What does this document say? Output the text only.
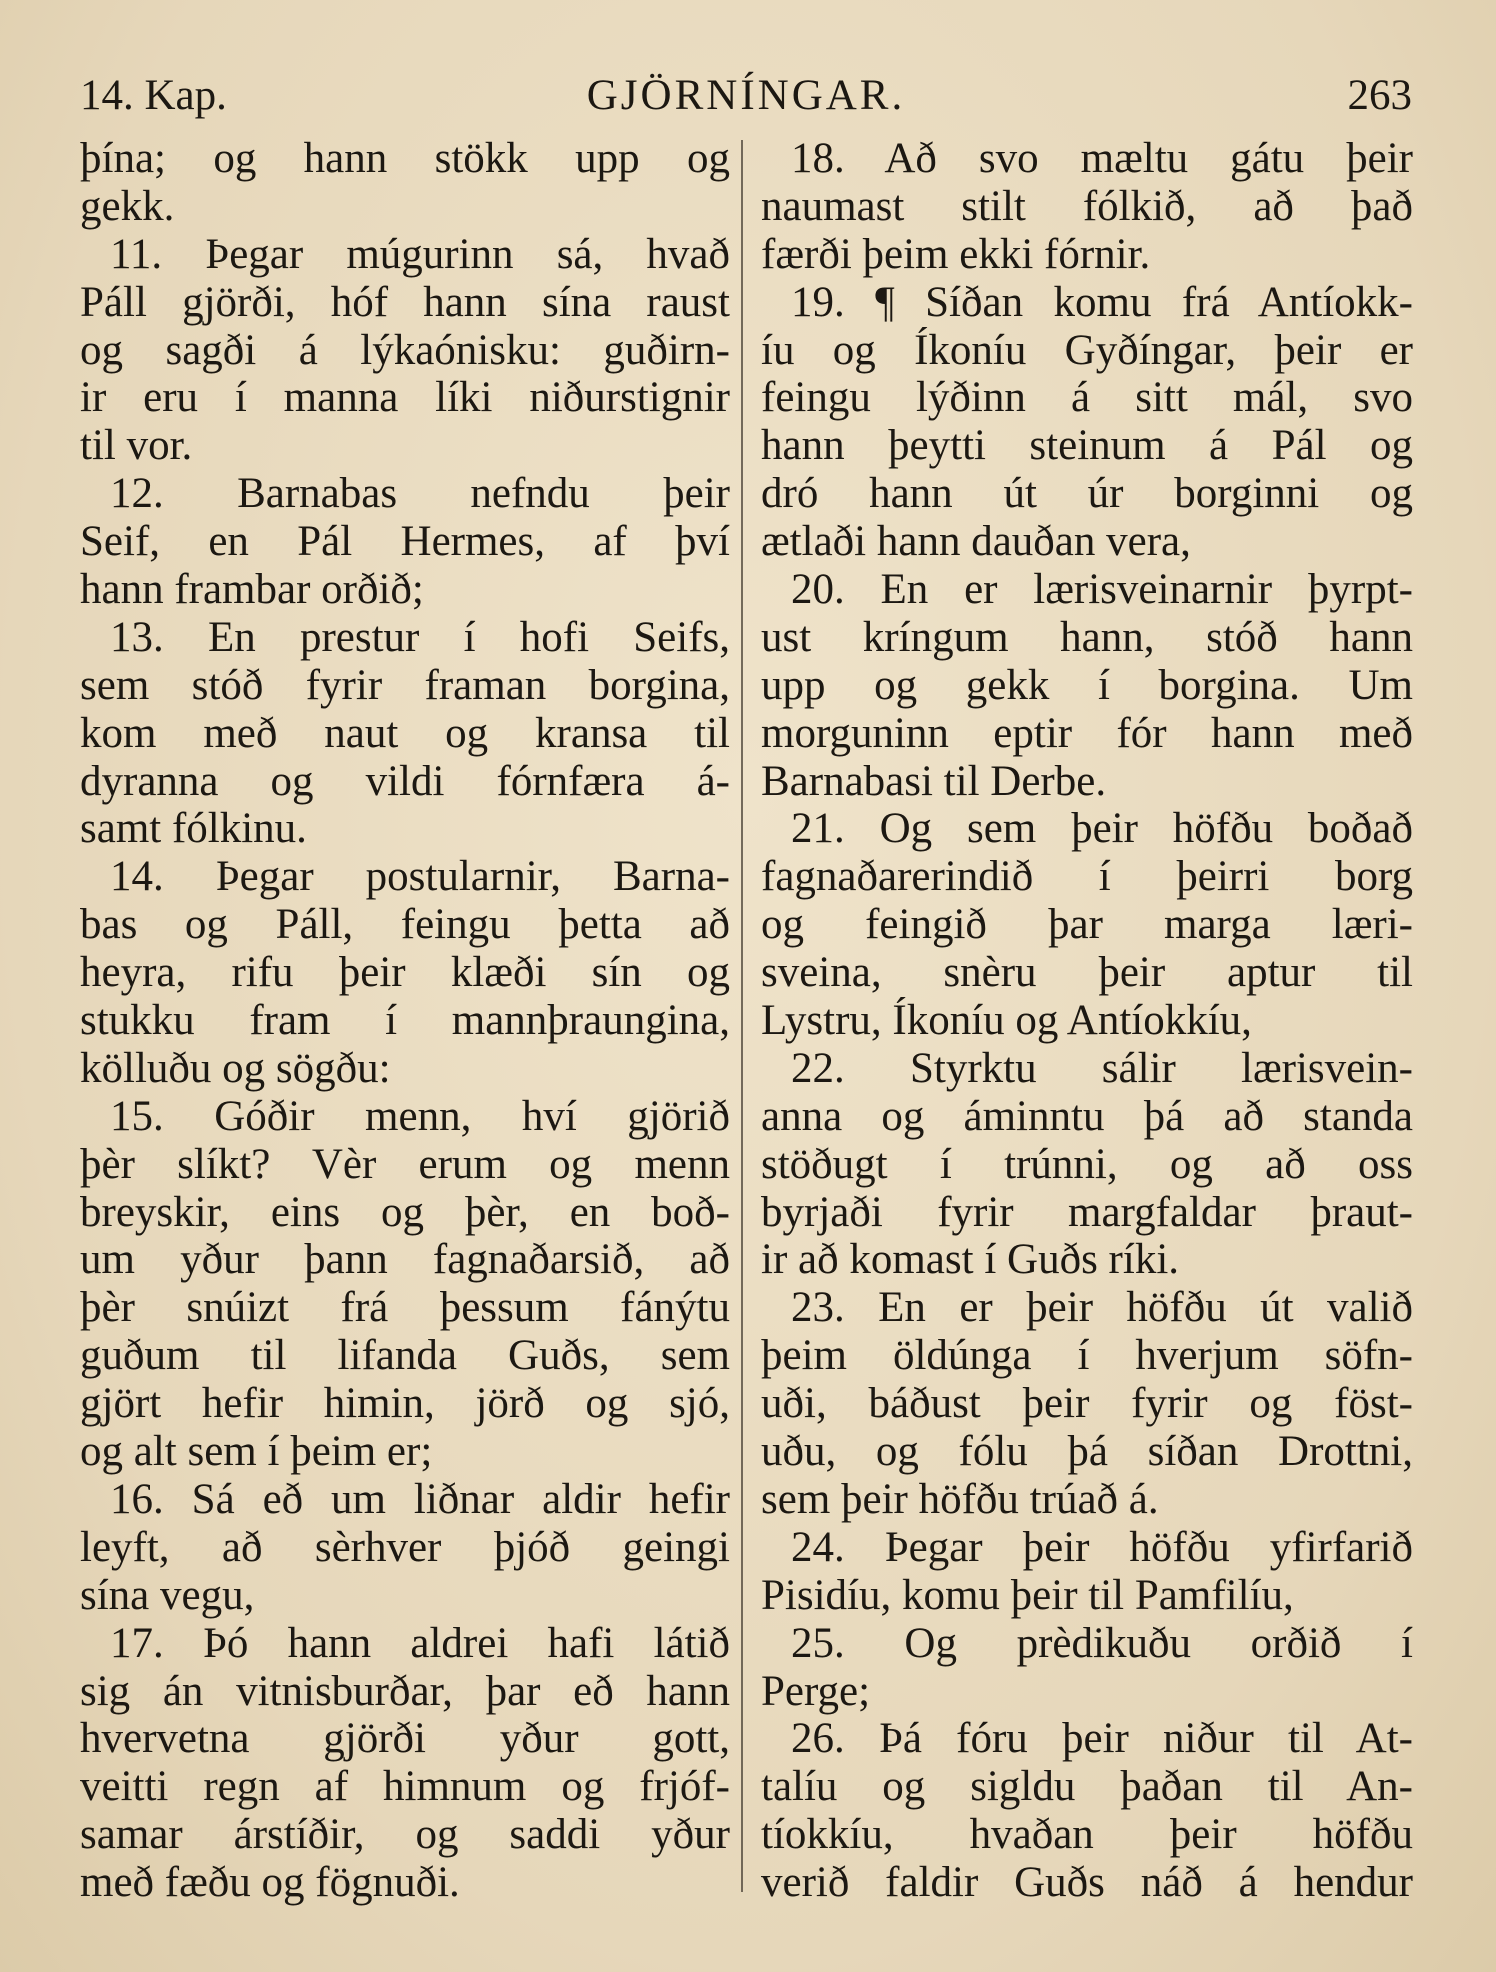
14. Kap.	GJÖRNÍNGAR.	263
þína; og hann stökk upp og
gekk.
11. Þegar múgurinn sá, hvað
Páll gjörði, hóf hann sína raust
og sagði á lýkaónisku: guðirn-
ir eru í manna líki niðurstignir
til vor.
12. Barnabas nefndu þeir
Seif, en Pál Hermes, af því
hann frambar orðið;
13. En prestur í hofi Seifs,
sem stóð fyrir framan borgina,
kom með naut og kransa til
dyranna og vildi fórnfæra á-
samt fólkinu.
14. Þegar postularnir, Barna-
bas og Páll, feingu þetta að
heyra, rifu þeir klæði sín og
stukku fram í mannþraungina,
kölluðu og sögðu:
15. Góðir menn, hví gjörið
þèr slíkt? Vèr erum og menn
breyskir, eins og þèr, en boð-
um yður þann fagnaðarsið, að
þèr snúizt frá þessum fánýtu
guðum til lifanda Guðs, sem
gjört hefir himin, jörð og sjó,
og alt sem í þeim er;
16. Sá eð um liðnar aldir hefir
leyft, að sèrhver þjóð geingi
sína vegu,
17. Þó hann aldrei hafi látið
sig án vitnisburðar, þar eð hann
hvervetna gjörði yður gott,
veitti regn af himnum og frjóf-
samar árstíðir, og saddi yður
með fæðu og fögnuði.
18. Að svo mæltu gátu þeir
naumast stilt fólkið, að það
færði þeim ekki fórnir.
19. ¶ Síðan komu frá Antíokk-
íu og Íkoníu Gyðíngar, þeir er
feingu lýðinn á sitt mál, svo
hann þeytti steinum á Pál og
dró hann út úr borginni og
ætlaði hann dauðan vera,
20. En er lærisveinarnir þyrpt-
ust kríngum hann, stóð hann
upp og gekk í borgina. Um
morguninn eptir fór hann með
Barnabasi til Derbe.
21. Og sem þeir höfðu boðað
fagnaðarerindið í þeirri borg
og feingið þar marga læri-
sveina, snèru þeir aptur til
Lystru, Íkoníu og Antíokkíu,
22. Styrktu sálir lærisvein-
anna og áminntu þá að standa
stöðugt í trúnni, og að oss
byrjaði fyrir margfaldar þraut-
ir að komast í Guðs ríki.
23. En er þeir höfðu út valið
þeim öldúnga í hverjum söfn-
uði, báðust þeir fyrir og föst-
uðu, og fólu þá síðan Drottni,
sem þeir höfðu trúað á.
24. Þegar þeir höfðu yfirfarið
Pisidíu, komu þeir til Pamfilíu,
25. Og prèdikuðu orðið í
Perge;
26. Þá fóru þeir niður til At-
talíu og sigldu þaðan til An-
tíokkíu, hvaðan þeir höfðu
verið faldir Guðs náð á hendur
